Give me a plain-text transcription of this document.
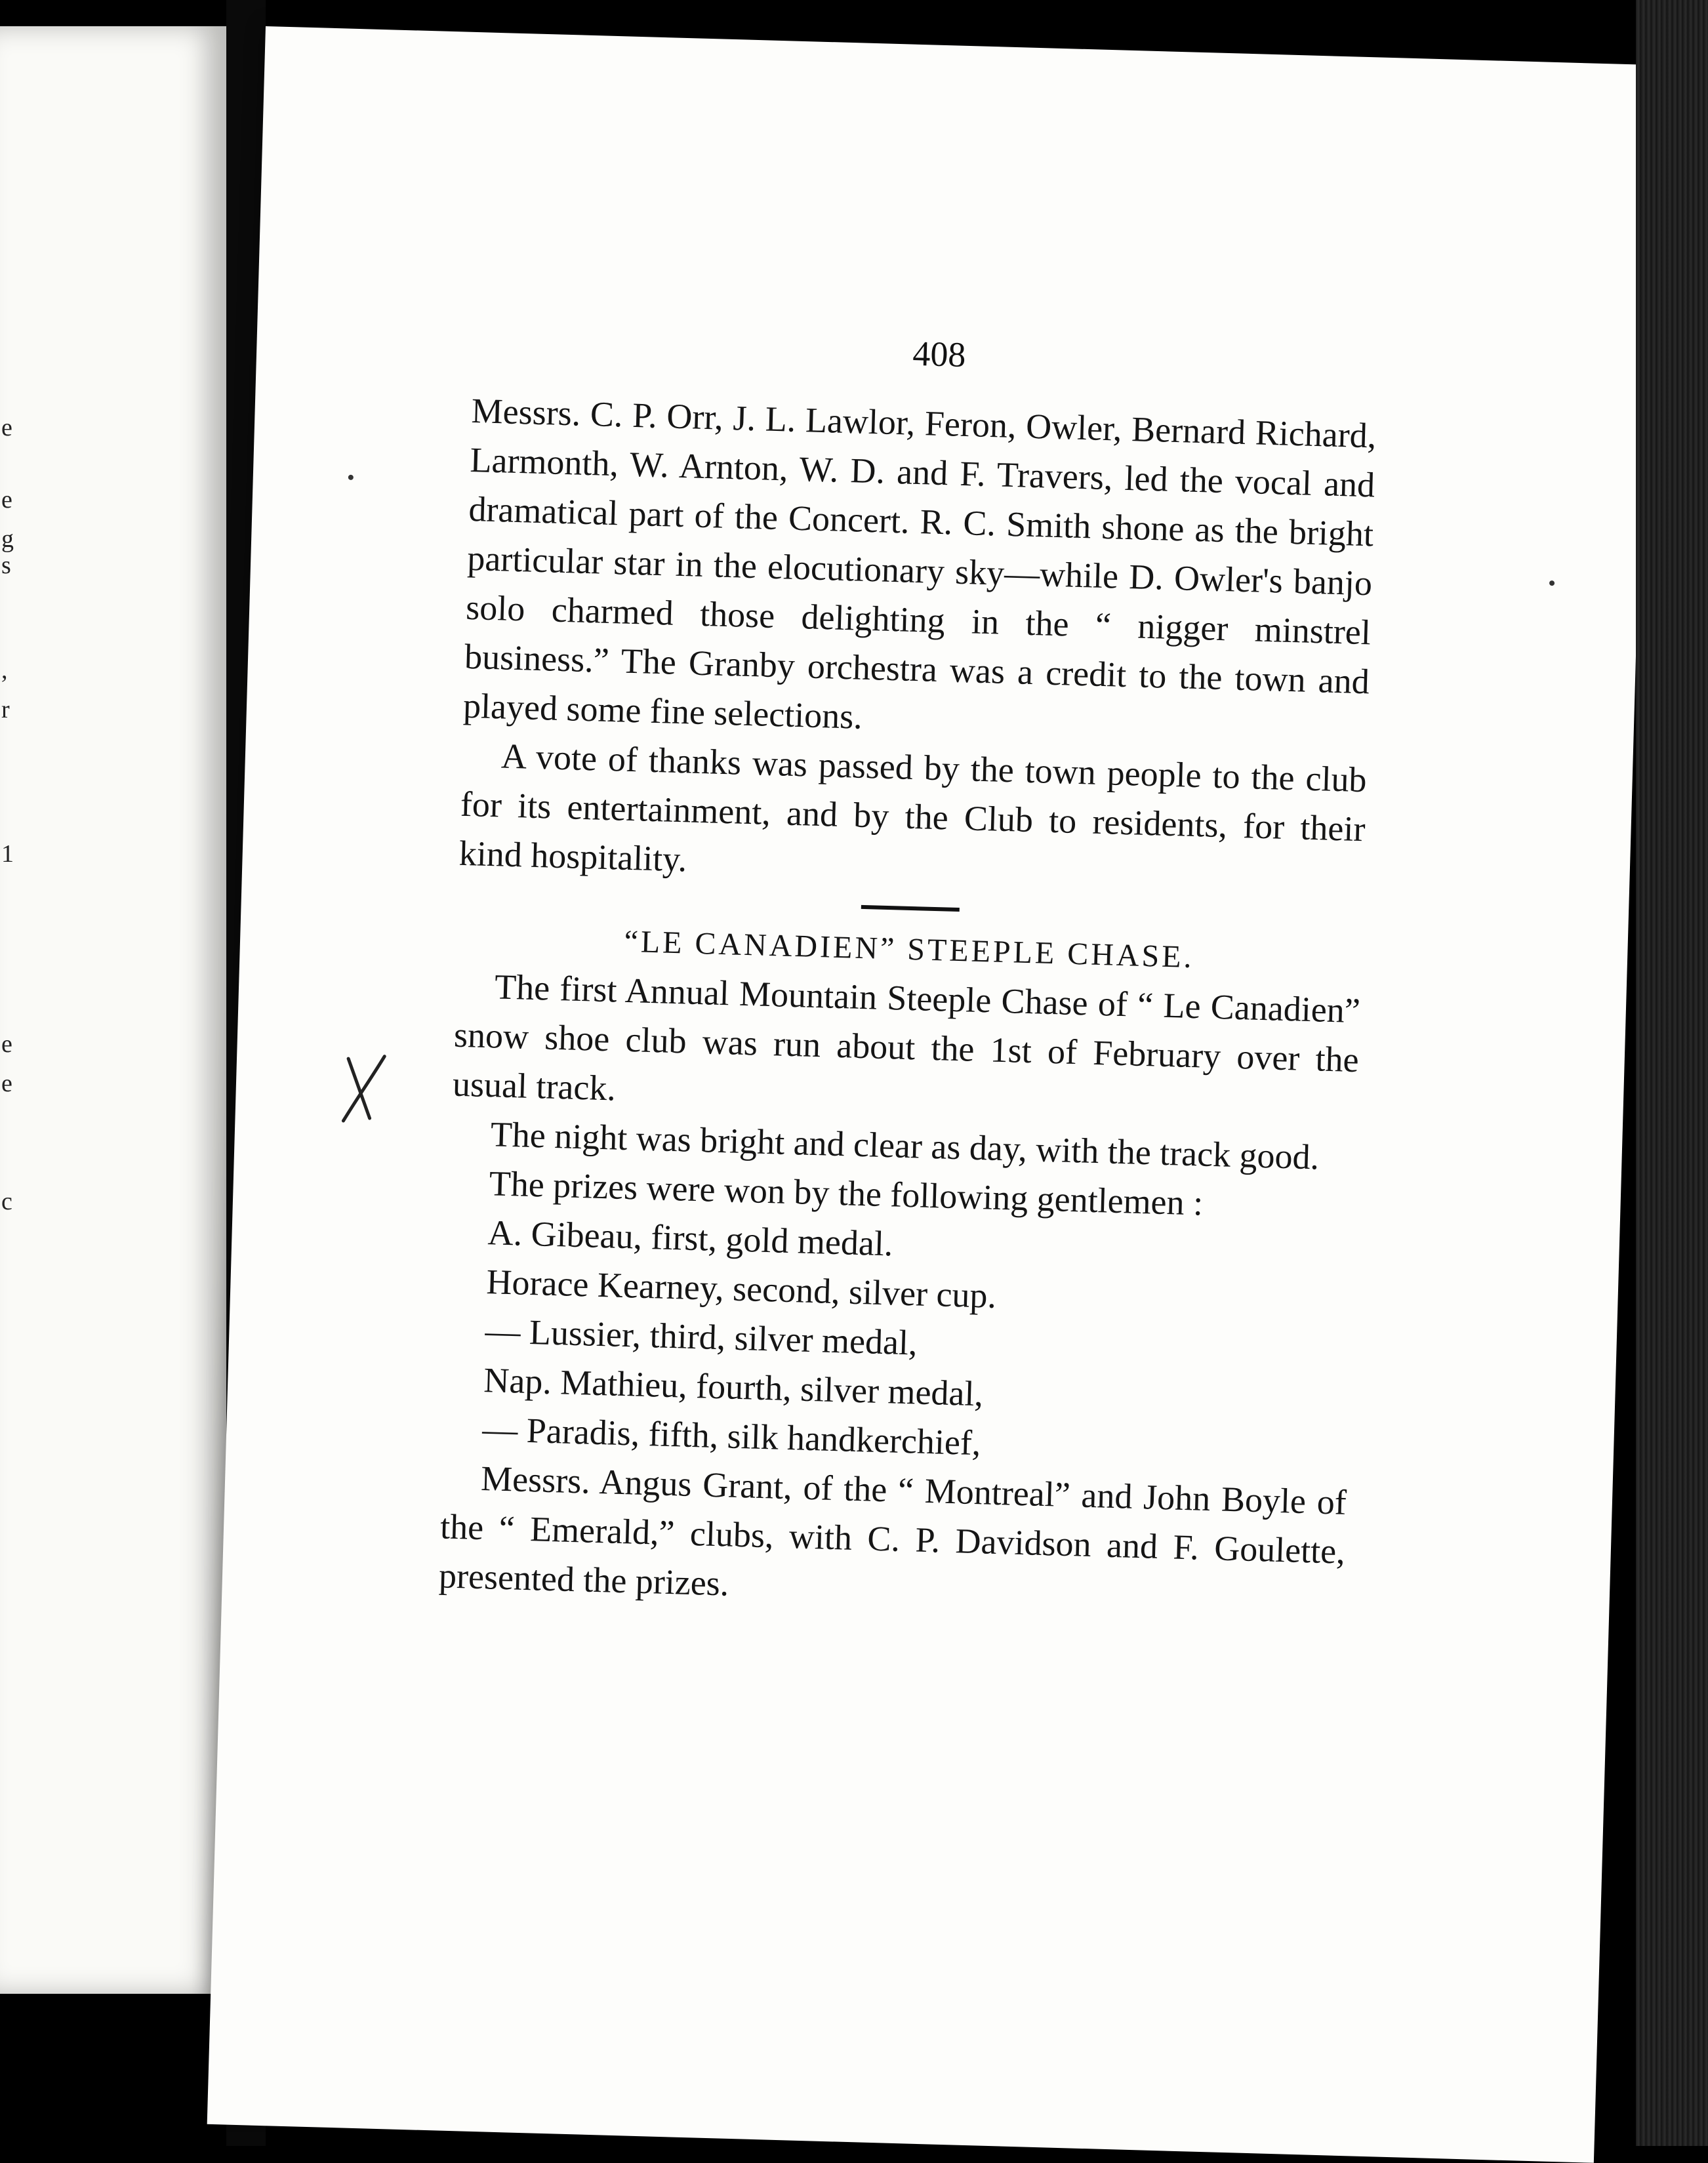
e
e
g
s
,
r
1
e
e
c
408

Messrs. C. P. Orr, J. L. Lawlor, Feron, Owler, Bernard Richard, Larmonth, W. Arnton, W. D. and F. Travers, led the vocal and dramatical part of the Concert. R. C. Smith shone as the bright particular star in the elocutionary sky—while D. Owler's banjo solo charmed those delighting in the “ nigger minstrel business.” The Granby orchestra was a credit to the town and played some fine selections.

A vote of thanks was passed by the town people to the club for its entertainment, and by the Club to residents, for their kind hospitality.

“LE CANADIEN” STEEPLE CHASE.

The first Annual Mountain Steeple Chase of “ Le Canadien” snow shoe club was run about the 1st of February over the usual track.

The night was bright and clear as day, with the track good.

The prizes were won by the following gentlemen :

A. Gibeau, first, gold medal.

Horace Kearney, second, silver cup.

— Lussier, third, silver medal,

Nap. Mathieu, fourth, silver medal,

— Paradis, fifth, silk handkerchief,

Messrs. Angus Grant, of the “ Montreal” and John Boyle of the “ Emerald,” clubs, with C. P. Davidson and F. Goulette, presented the prizes.
